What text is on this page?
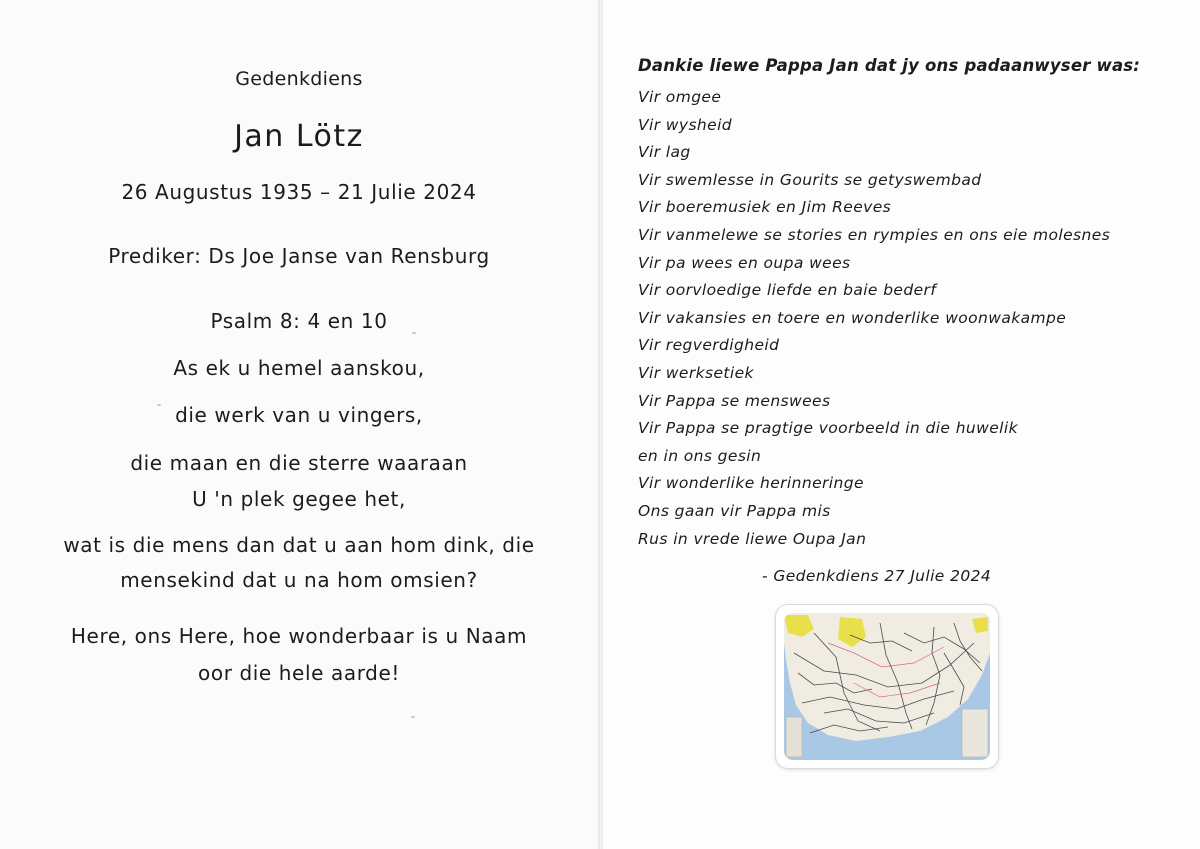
Gedenkdiens
Jan Lötz
26 Augustus 1935 – 21 Julie 2024
Prediker: Ds Joe Janse van Rensburg
Psalm 8: 4 en 10
As ek u hemel aanskou,
die werk van u vingers,
die maan en die sterre waaraan
U 'n plek gegee het,
wat is die mens dan dat u aan hom dink, die
mensekind dat u na hom omsien?
Here, ons Here, hoe wonderbaar is u Naam
oor die hele aarde!
Dankie liewe Pappa Jan dat jy ons padaanwyser was:
Vir omgee
Vir wysheid
Vir lag
Vir swemlesse in Gourits se getyswembad
Vir boeremusiek en Jim Reeves
Vir vanmelewe se stories en rympies en ons eie molesnes
Vir pa wees en oupa wees
Vir oorvloedige liefde en baie bederf
Vir vakansies en toere en wonderlike woonwakampe
Vir regverdigheid
Vir werksetiek
Vir Pappa se menswees
Vir Pappa se pragtige voorbeeld in die huwelik
en in ons gesin
Vir wonderlike herinneringe
Ons gaan vir Pappa mis
Rus in vrede liewe Oupa Jan
- Gedenkdiens 27 Julie 2024
